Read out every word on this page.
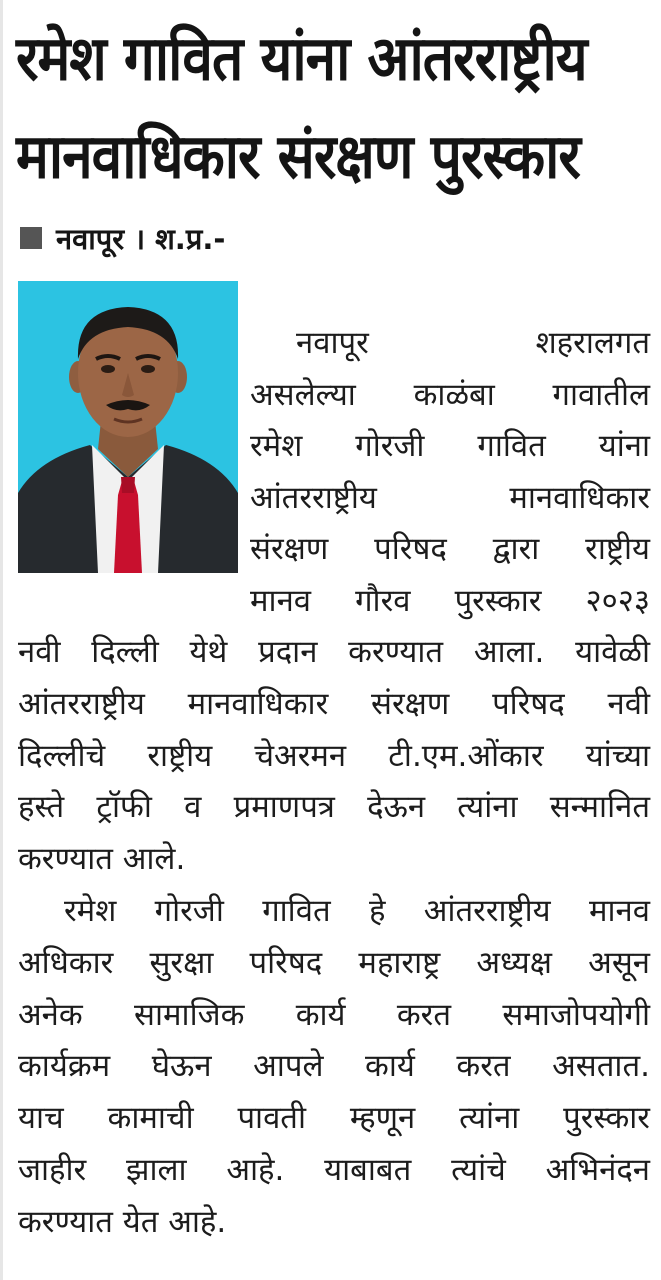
रमेश गावित यांना आंतरराष्ट्रीय
मानवाधिकार संरक्षण पुरस्कार
नवापूर । श.प्र.-
नवापूर शहरालगत
असलेल्या काळंबा गावातील
रमेश गोरजी गावित यांना
आंतरराष्ट्रीय मानवाधिकार
संरक्षण परिषद द्वारा राष्ट्रीय
मानव गौरव पुरस्कार २०२३
नवी दिल्ली येथे प्रदान करण्यात आला. यावेळी
आंतरराष्ट्रीय मानवाधिकार संरक्षण परिषद नवी
दिल्लीचे राष्ट्रीय चेअरमन टी.एम.ओंकार यांच्या
हस्ते ट्रॉफी व प्रमाणपत्र देऊन त्यांना सन्मानित
करण्यात आले.
रमेश गोरजी गावित हे आंतरराष्ट्रीय मानव
अधिकार सुरक्षा परिषद महाराष्ट्र अध्यक्ष असून
अनेक सामाजिक कार्य करत समाजोपयोगी
कार्यक्रम घेऊन आपले कार्य करत असतात.
याच कामाची पावती म्हणून त्यांना पुरस्कार
जाहीर झाला आहे. याबाबत त्यांचे अभिनंदन
करण्यात येत आहे.
